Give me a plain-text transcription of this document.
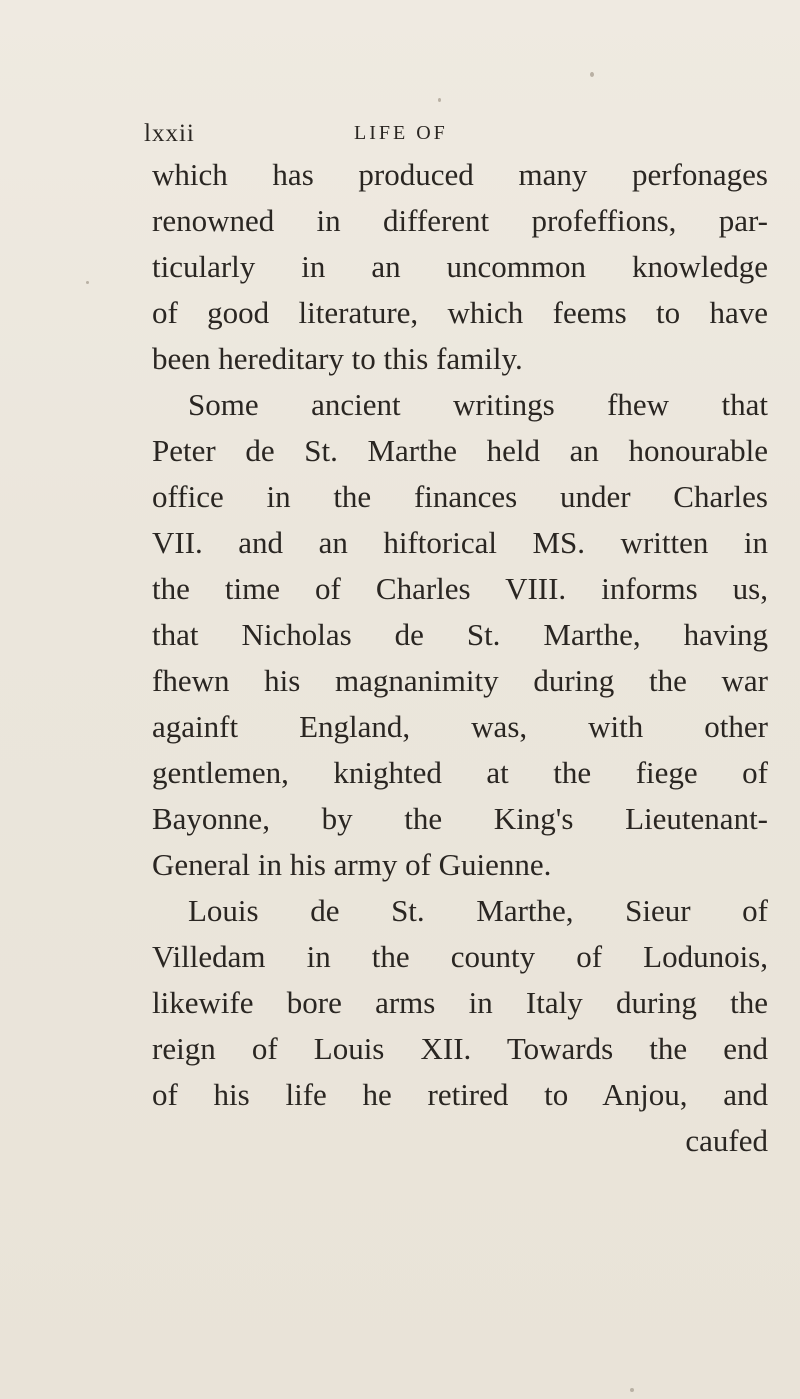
lxxii	LIFE OF
which has produced many perfonages
renowned in different profeffions, par-
ticularly in an uncommon knowledge
of good literature, which feems to have
been hereditary to this family.
Some ancient writings fhew that
Peter de St. Marthe held an honourable
office in the finances under Charles
VII. and an hiftorical MS. written in
the time of Charles VIII. informs us,
that Nicholas de St. Marthe, having
fhewn his magnanimity during the war
againft England, was, with other
gentlemen, knighted at the fiege of
Bayonne, by the King's Lieutenant-
General in his army of Guienne.
Louis de St. Marthe, Sieur of
Villedam in the county of Lodunois,
likewife bore arms in Italy during the
reign of Louis XII. Towards the end
of his life he retired to Anjou, and
caufed
